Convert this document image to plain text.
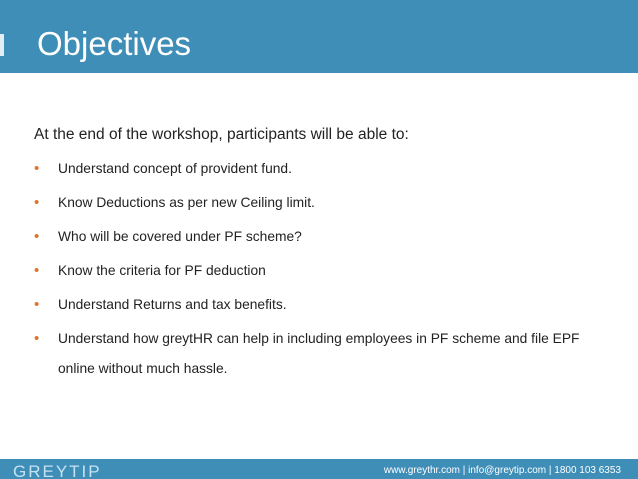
Objectives

At the end of the workshop, participants will be able to:

• Understand concept of provident fund.
• Know Deductions as per new Ceiling limit.
• Who will be covered under PF scheme?
• Know the criteria for PF deduction
• Understand Returns and tax benefits.
• Understand how greytHR can help in including employees in PF scheme and file EPF online without much hassle.
GREYTIP	www.greythr.com | info@greytip.com | 1800 103 6353
